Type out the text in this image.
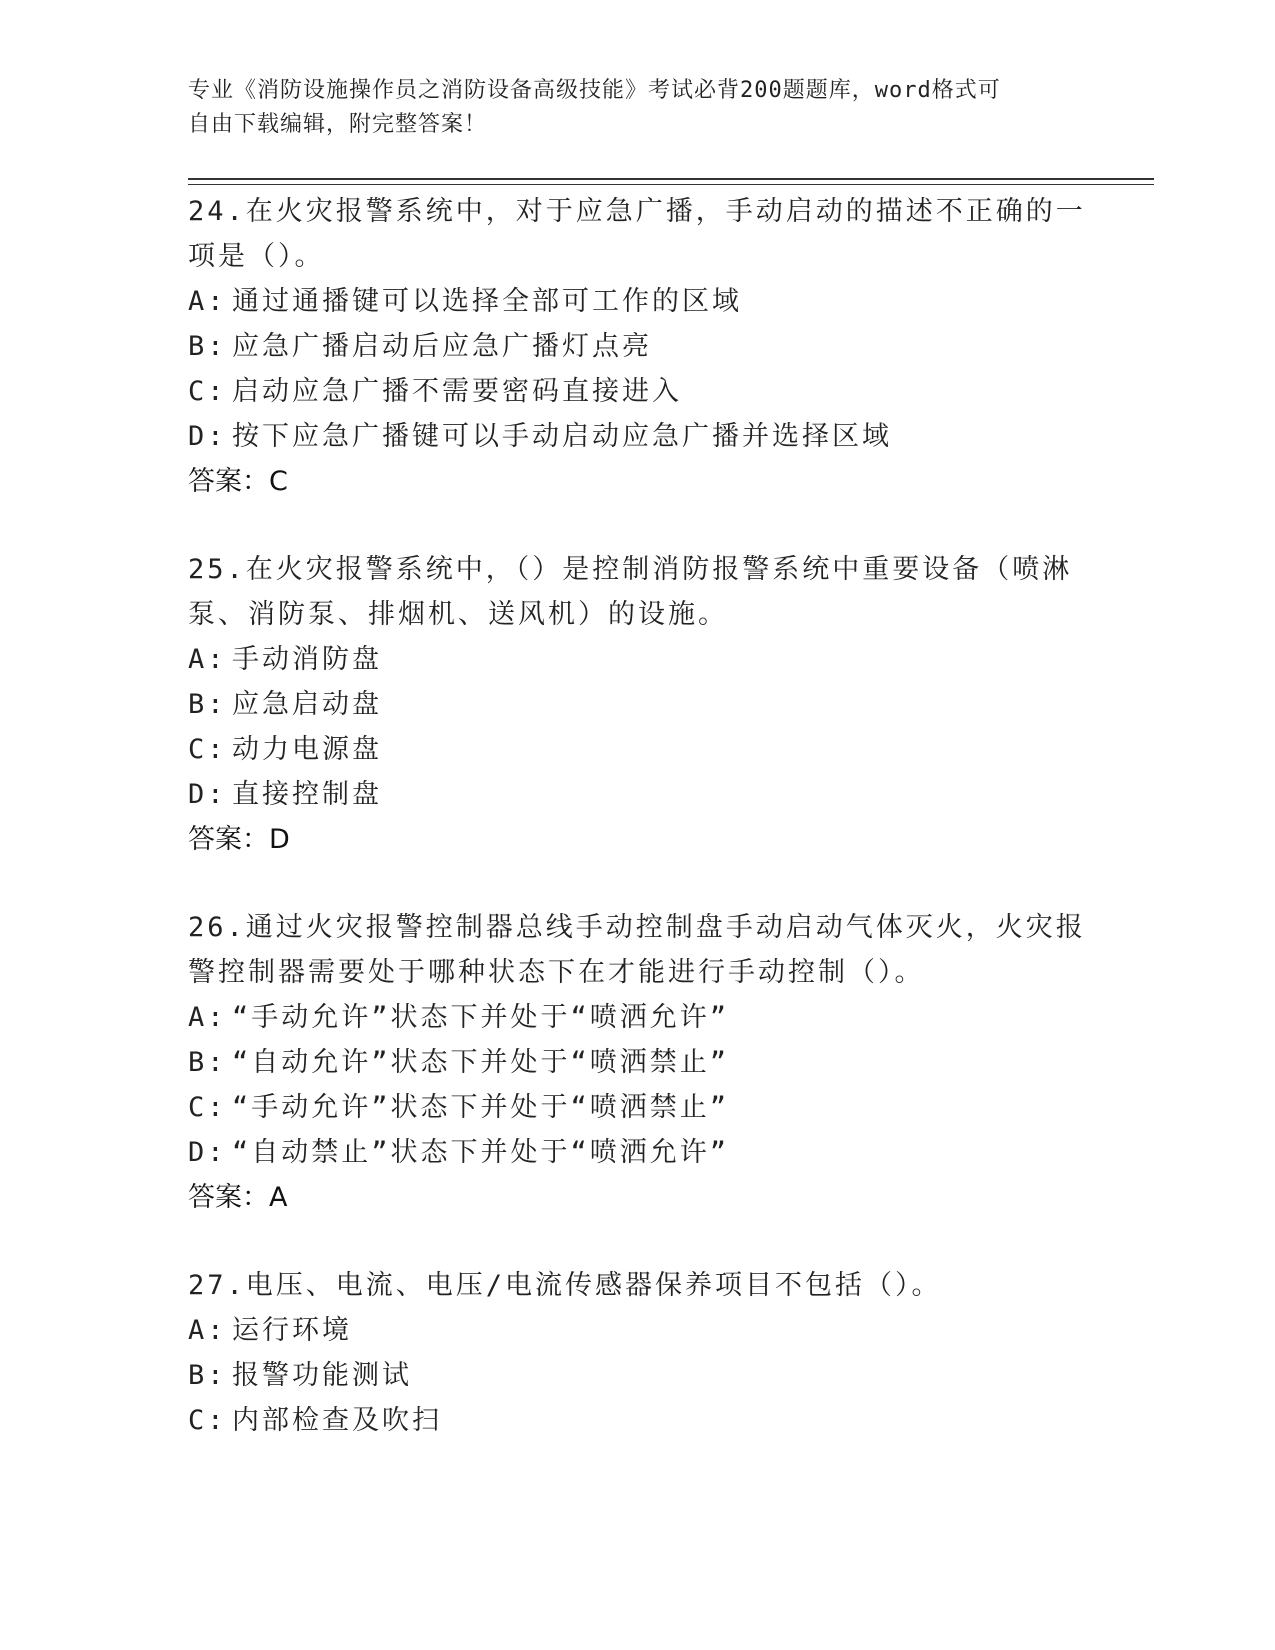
专业《消防设施操作员之消防设备高级技能》考试必背200题题库，word格式可
自由下载编辑，附完整答案！

24.在火灾报警系统中，对于应急广播，手动启动的描述不正确的一项是（）。

A: 通过通播键可以选择全部可工作的区域

B: 应急广播启动后应急广播灯点亮

C: 启动应急广播不需要密码直接进入

D: 按下应急广播键可以手动启动应急广播并选择区域

答案：C

25.在火灾报警系统中，（）是控制消防报警系统中重要设备（喷淋泵、消防泵、排烟机、送风机）的设施。

A: 手动消防盘

B: 应急启动盘

C: 动力电源盘

D: 直接控制盘

答案：D

26.通过火灾报警控制器总线手动控制盘手动启动气体灭火，火灾报警控制器需要处于哪种状态下在才能进行手动控制（）。

A: “手动允许”状态下并处于“喷洒允许”

B: “自动允许”状态下并处于“喷洒禁止”

C: “手动允许”状态下并处于“喷洒禁止”

D: “自动禁止”状态下并处于“喷洒允许”

答案：A

27.电压、电流、电压/电流传感器保养项目不包括（）。

A: 运行环境

B: 报警功能测试

C: 内部检查及吹扫
